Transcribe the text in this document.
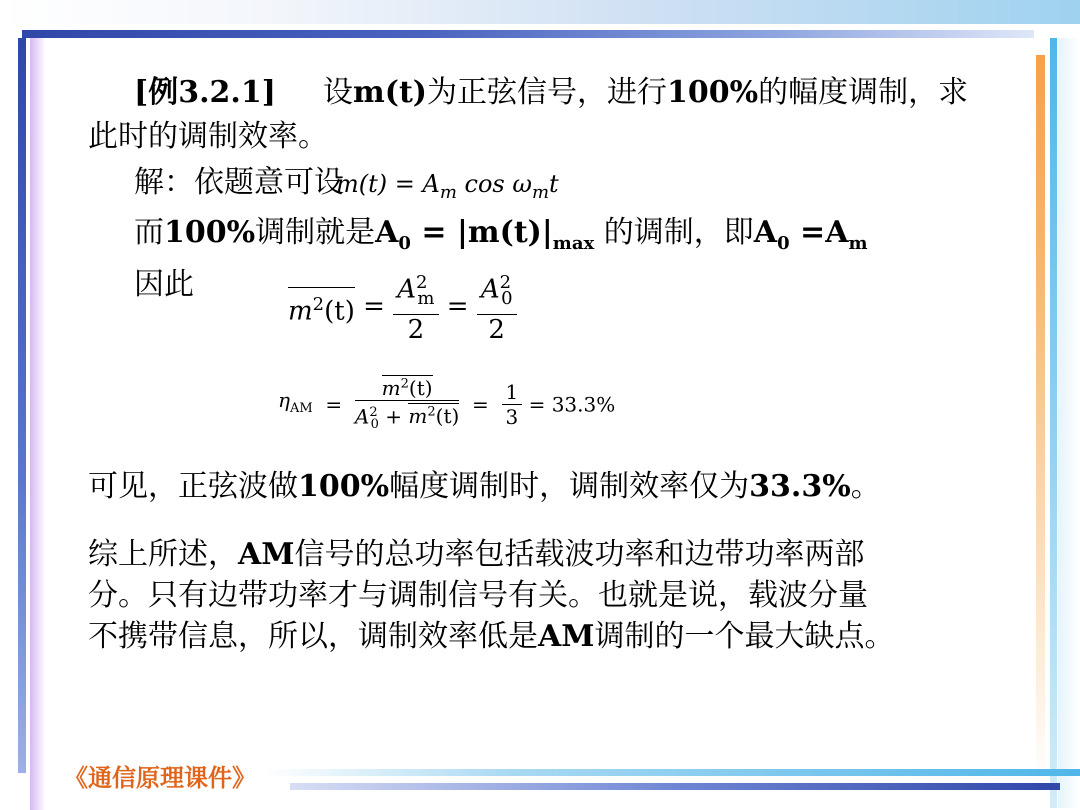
[例3.2.1] 设m(t)为正弦信号，进行100%的幅度调制，求
此时的调制效率。
解：依题意可设$m(t) = A_m$ $\cos \omega_mt$
而100%调制就是$A_0 = |m(t)|_{max}$ 的调制，即$A_0 =A_m$
因此
$m^2(t) = \frac{A^2_m}{2} = \frac{A^2_0}{2}$
$\eta_{AM} = \frac{m^2(t)}{A^2_0 + m^2(t)} = \frac{1}{3} = 33.3\%$
可见，正弦波做100%幅度调制时，调制效率仅为33.3%。
综上所述，AM信号的总功率包括载波功率和边带功率两部
分。只有边带功率才与调制信号有关。也就是说，载波分量
不携带信息，所以，调制效率低是AM调制的一个最大缺点。
《通信原理课件》
